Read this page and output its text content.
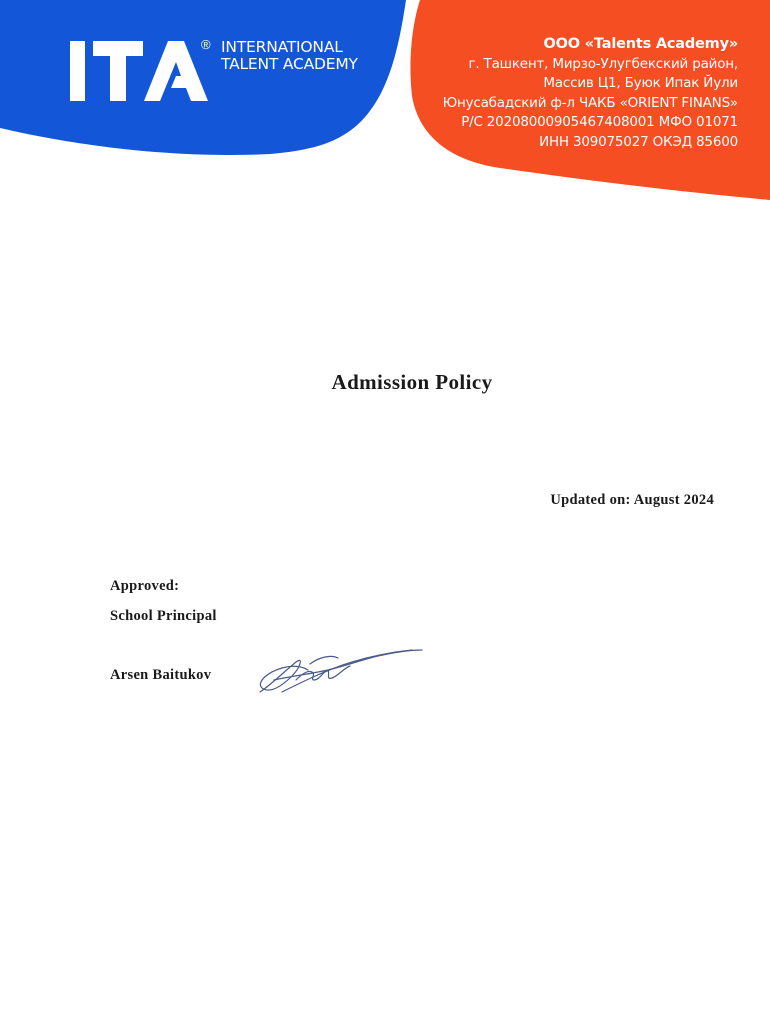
® INTERNATIONAL
TALENT ACADEMY
ООО «Talents Academy»
г. Ташкент, Мирзо-Улугбекский район,
Массив Ц1, Буюк Ипак Йули
Юнусабадский ф-л ЧАКБ «ORIENT FINANS»
Р/С 20208000905467408001 МФО 01071
ИНН 309075027 ОКЭД 85600
Admission Policy
Updated on: August 2024
Approved:
School Principal
Arsen Baitukov
